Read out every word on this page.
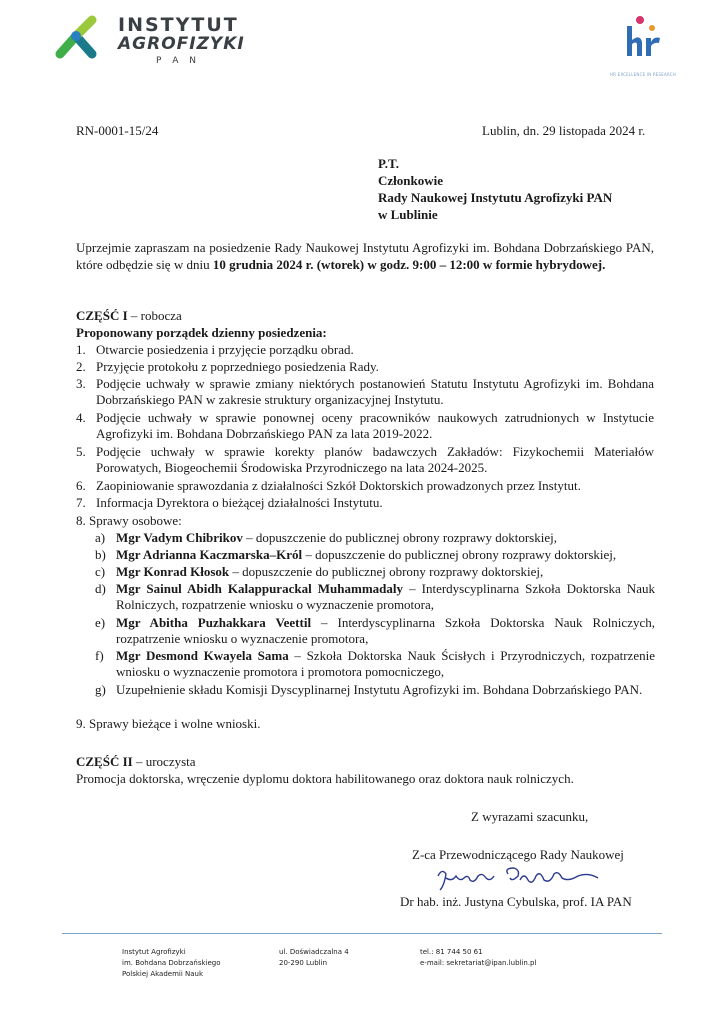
INSTYTUT
AGROFIZYKI
P A N
HR EXCELLENCE IN RESEARCH
RN-0001-15/24	Lublin, dn. 29 listopada 2024 r.
P.T.
Członkowie
Rady Naukowej Instytutu Agrofizyki PAN
w Lublinie
Uprzejmie zapraszam na posiedzenie Rady Naukowej Instytutu Agrofizyki im. Bohdana Dobrzańskiego PAN, które odbędzie się w dniu 10 grudnia 2024 r. (wtorek) w godz. 9:00 – 12:00 w formie hybrydowej.
CZĘŚĆ I – robocza
Proponowany porządek dzienny posiedzenia:
1. Otwarcie posiedzenia i przyjęcie porządku obrad.
2. Przyjęcie protokołu z poprzedniego posiedzenia Rady.
3. Podjęcie uchwały w sprawie zmiany niektórych postanowień Statutu Instytutu Agrofizyki im. Bohdana Dobrzańskiego PAN w zakresie struktury organizacyjnej Instytutu.
4. Podjęcie uchwały w sprawie ponownej oceny pracowników naukowych zatrudnionych w Instytucie Agrofizyki im. Bohdana Dobrzańskiego PAN za lata 2019-2022.
5. Podjęcie uchwały w sprawie korekty planów badawczych Zakładów: Fizykochemii Materiałów Porowatych, Biogeochemii Środowiska Przyrodniczego na lata 2024-2025.
6. Zaopiniowanie sprawozdania z działalności Szkół Doktorskich prowadzonych przez Instytut.
7. Informacja Dyrektora o bieżącej działalności Instytutu.
8. Sprawy osobowe:
a) Mgr Vadym Chibrikov – dopuszczenie do publicznej obrony rozprawy doktorskiej,
b) Mgr Adrianna Kaczmarska–Król – dopuszczenie do publicznej obrony rozprawy doktorskiej,
c) Mgr Konrad Kłosok – dopuszczenie do publicznej obrony rozprawy doktorskiej,
d) Mgr Sainul Abidh Kalappurackal Muhammadaly – Interdyscyplinarna Szkoła Doktorska Nauk Rolniczych, rozpatrzenie wniosku o wyznaczenie promotora,
e) Mgr Abitha Puzhakkara Veettil – Interdyscyplinarna Szkoła Doktorska Nauk Rolniczych, rozpatrzenie wniosku o wyznaczenie promotora,
f) Mgr Desmond Kwayela Sama – Szkoła Doktorska Nauk Ścisłych i Przyrodniczych, rozpatrzenie wniosku o wyznaczenie promotora i promotora pomocniczego,
g) Uzupełnienie składu Komisji Dyscyplinarnej Instytutu Agrofizyki im. Bohdana Dobrzańskiego PAN.
9. Sprawy bieżące i wolne wnioski.
CZĘŚĆ II – uroczysta
Promocja doktorska, wręczenie dyplomu doktora habilitowanego oraz doktora nauk rolniczych.
Z wyrazami szacunku,
Z-ca Przewodniczącego Rady Naukowej
Dr hab. inż. Justyna Cybulska, prof. IA PAN
Instytut Agrofizyki
im. Bohdana Dobrzańskiego
Polskiej Akademii Nauk
ul. Doświadczalna 4
20-290 Lublin
tel.: 81 744 50 61
e-mail: sekretariat@ipan.lublin.pl
